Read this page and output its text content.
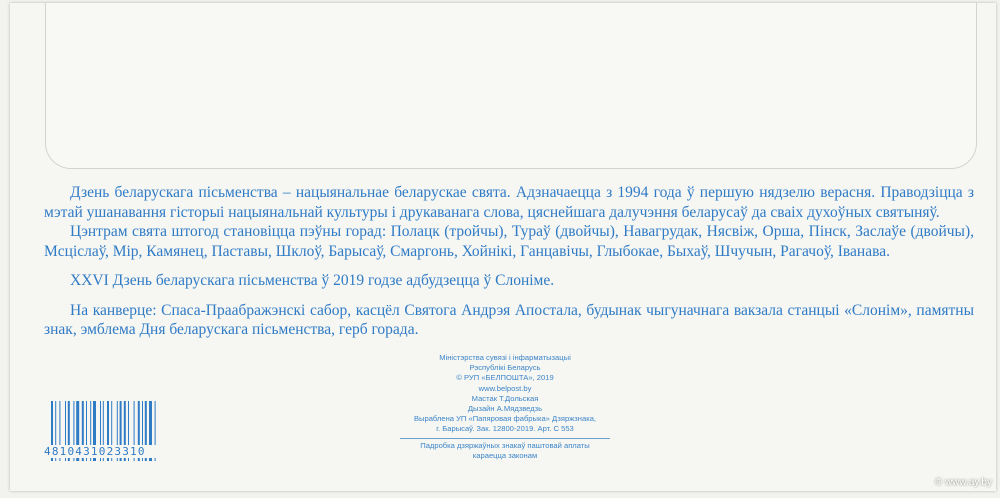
Дзень беларускага пісьменства – нацыянальнае беларускае свята. Адзначаецца з 1994 года ў першую нядзелю верасня. Праводзіцца з мэтай ушанавання гісторыі нацыянальнай культуры і друкаванага слова, цяснейшага далучэння беларусаў да сваіх духоўных святыняў.

Цэнтрам свята штогод становіцца пэўны горад: Полацк (тройчы), Тураў (двойчы), Навагрудак, Нясвіж, Орша, Пінск, Заслаўе (двойчы), Мсціслаў, Мір, Камянец, Паставы, Шклоў, Барысаў, Смаргонь, Хойнікі, Ганцавічы, Глыбокае, Быхаў, Шчучын, Рагачоў, Іванава.

XXVI Дзень беларускага пісьменства ў 2019 годзе адбудзецца ў Слоніме.

На канверце: Спаса-Праабражэнскі сабор, касцёл Святога Андрэя Апостала, будынак чыгуначнага вакзала станцыі «Слонім», памятны знак, эмблема Дня беларускага пісьменства, герб горада.

Міністэрства сувязі і інфарматызацыі
Рэспублікі Беларусь
© РУП «БЕЛПОШТА», 2019
www.belpost.by
Мастак Т.Дольская
Дызайн А.Мядзведзь
Выраблена УП «Папяровая фабрыка» Дзяржзнака,
г. Барысаў. Зак. 12800-2019. Арт. С 553
Падробка дзяржаўных знакаў паштовай аплаты
караецца законам
4810431023310
© www.ay.by
